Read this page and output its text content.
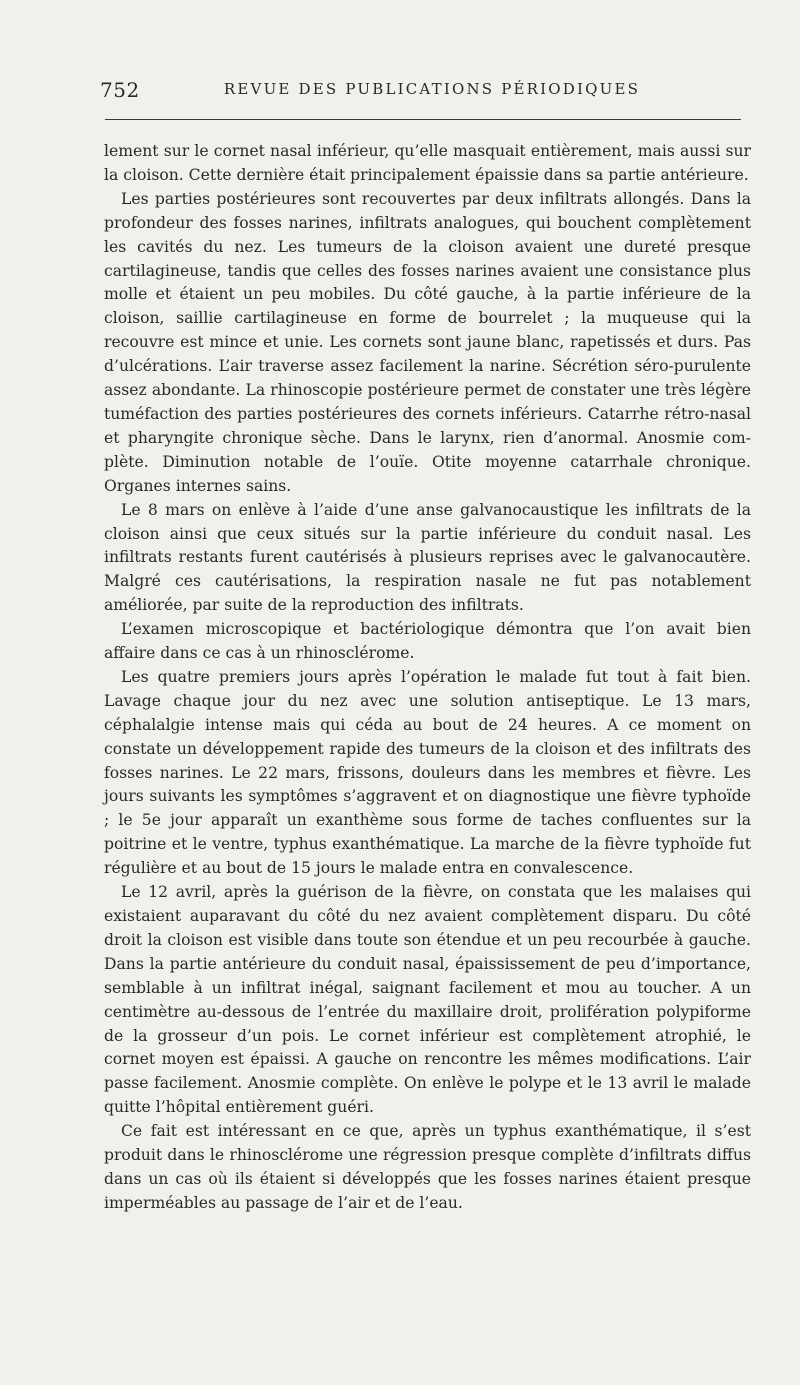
752	REVUE DES PUBLICATIONS PÉRIODIQUES

lement sur le cornet nasal inférieur, qu’elle masquait entièrement, mais aussi sur la cloison. Cette dernière était principalement épaissie dans sa partie antérieure.

Les parties postérieures sont recouvertes par deux infiltrats allongés. Dans la profondeur des fosses narines, infiltrats analogues, qui bouchent complètement les cavités du nez. Les tumeurs de la cloison avaient une dureté presque cartilagineuse, tandis que celles des fosses narines avaient une consistance plus molle et étaient un peu mobiles. Du côté gauche, à la partie inférieure de la cloison, saillie cartilagineuse en forme de bourrelet ; la muqueuse qui la recouvre est mince et unie. Les cornets sont jaune blanc, rapetissés et durs. Pas d’ulcérations. L’air traverse assez facilement la narine. Sécrétion séro-purulente assez abondante. La rhinoscopie postérieure permet de constater une très légère tuméfaction des parties postérieures des cornets inférieurs. Catarrhe rétro-nasal et pharyngite chronique sèche. Dans le larynx, rien d’anormal. Anosmie complète. Diminution notable de l’ouïe. Otite moyenne catarrhale chronique. Organes internes sains.

Le 8 mars on enlève à l’aide d’une anse galvanocaustique les infiltrats de la cloison ainsi que ceux situés sur la partie inférieure du conduit nasal. Les infiltrats restants furent cautérisés à plusieurs reprises avec le galvanocautère. Malgré ces cautérisations, la respiration nasale ne fut pas notablement améliorée, par suite de la reproduction des infiltrats.

L’examen microscopique et bactériologique démontra que l’on avait bien affaire dans ce cas à un rhinosclérome.

Les quatre premiers jours après l’opération le malade fut tout à fait bien. Lavage chaque jour du nez avec une solution antiseptique. Le 13 mars, céphalalgie intense mais qui céda au bout de 24 heures. A ce moment on constate un développement rapide des tumeurs de la cloison et des infiltrats des fosses narines. Le 22 mars, frissons, douleurs dans les membres et fièvre. Les jours suivants les symptômes s’aggravent et on diagnostique une fièvre typhoïde ; le 5e jour apparaît un exanthème sous forme de taches confluentes sur la poitrine et le ventre, typhus exanthématique. La marche de la fièvre typhoïde fut régulière et au bout de 15 jours le malade entra en convalescence.

Le 12 avril, après la guérison de la fièvre, on constata que les malaises qui existaient auparavant du côté du nez avaient complètement disparu. Du côté droit la cloison est visible dans toute son étendue et un peu recourbée à gauche. Dans la partie antérieure du conduit nasal, épaississement de peu d’importance, semblable à un infiltrat inégal, saignant facilement et mou au toucher. A un centimètre au-dessous de l’entrée du maxillaire droit, prolifération polypiforme de la grosseur d’un pois. Le cornet inférieur est complètement atrophié, le cornet moyen est épaissi. A gauche on rencontre les mêmes modifications. L’air passe facilement. Anosmie complète. On enlève le polype et le 13 avril le malade quitte l’hôpital entièrement guéri.

Ce fait est intéressant en ce que, après un typhus exanthématique, il s’est produit dans le rhinosclérome une régression presque complète d’infiltrats diffus dans un cas où ils étaient si développés que les fosses narines étaient presque imperméables au passage de l’air et de l’eau.
